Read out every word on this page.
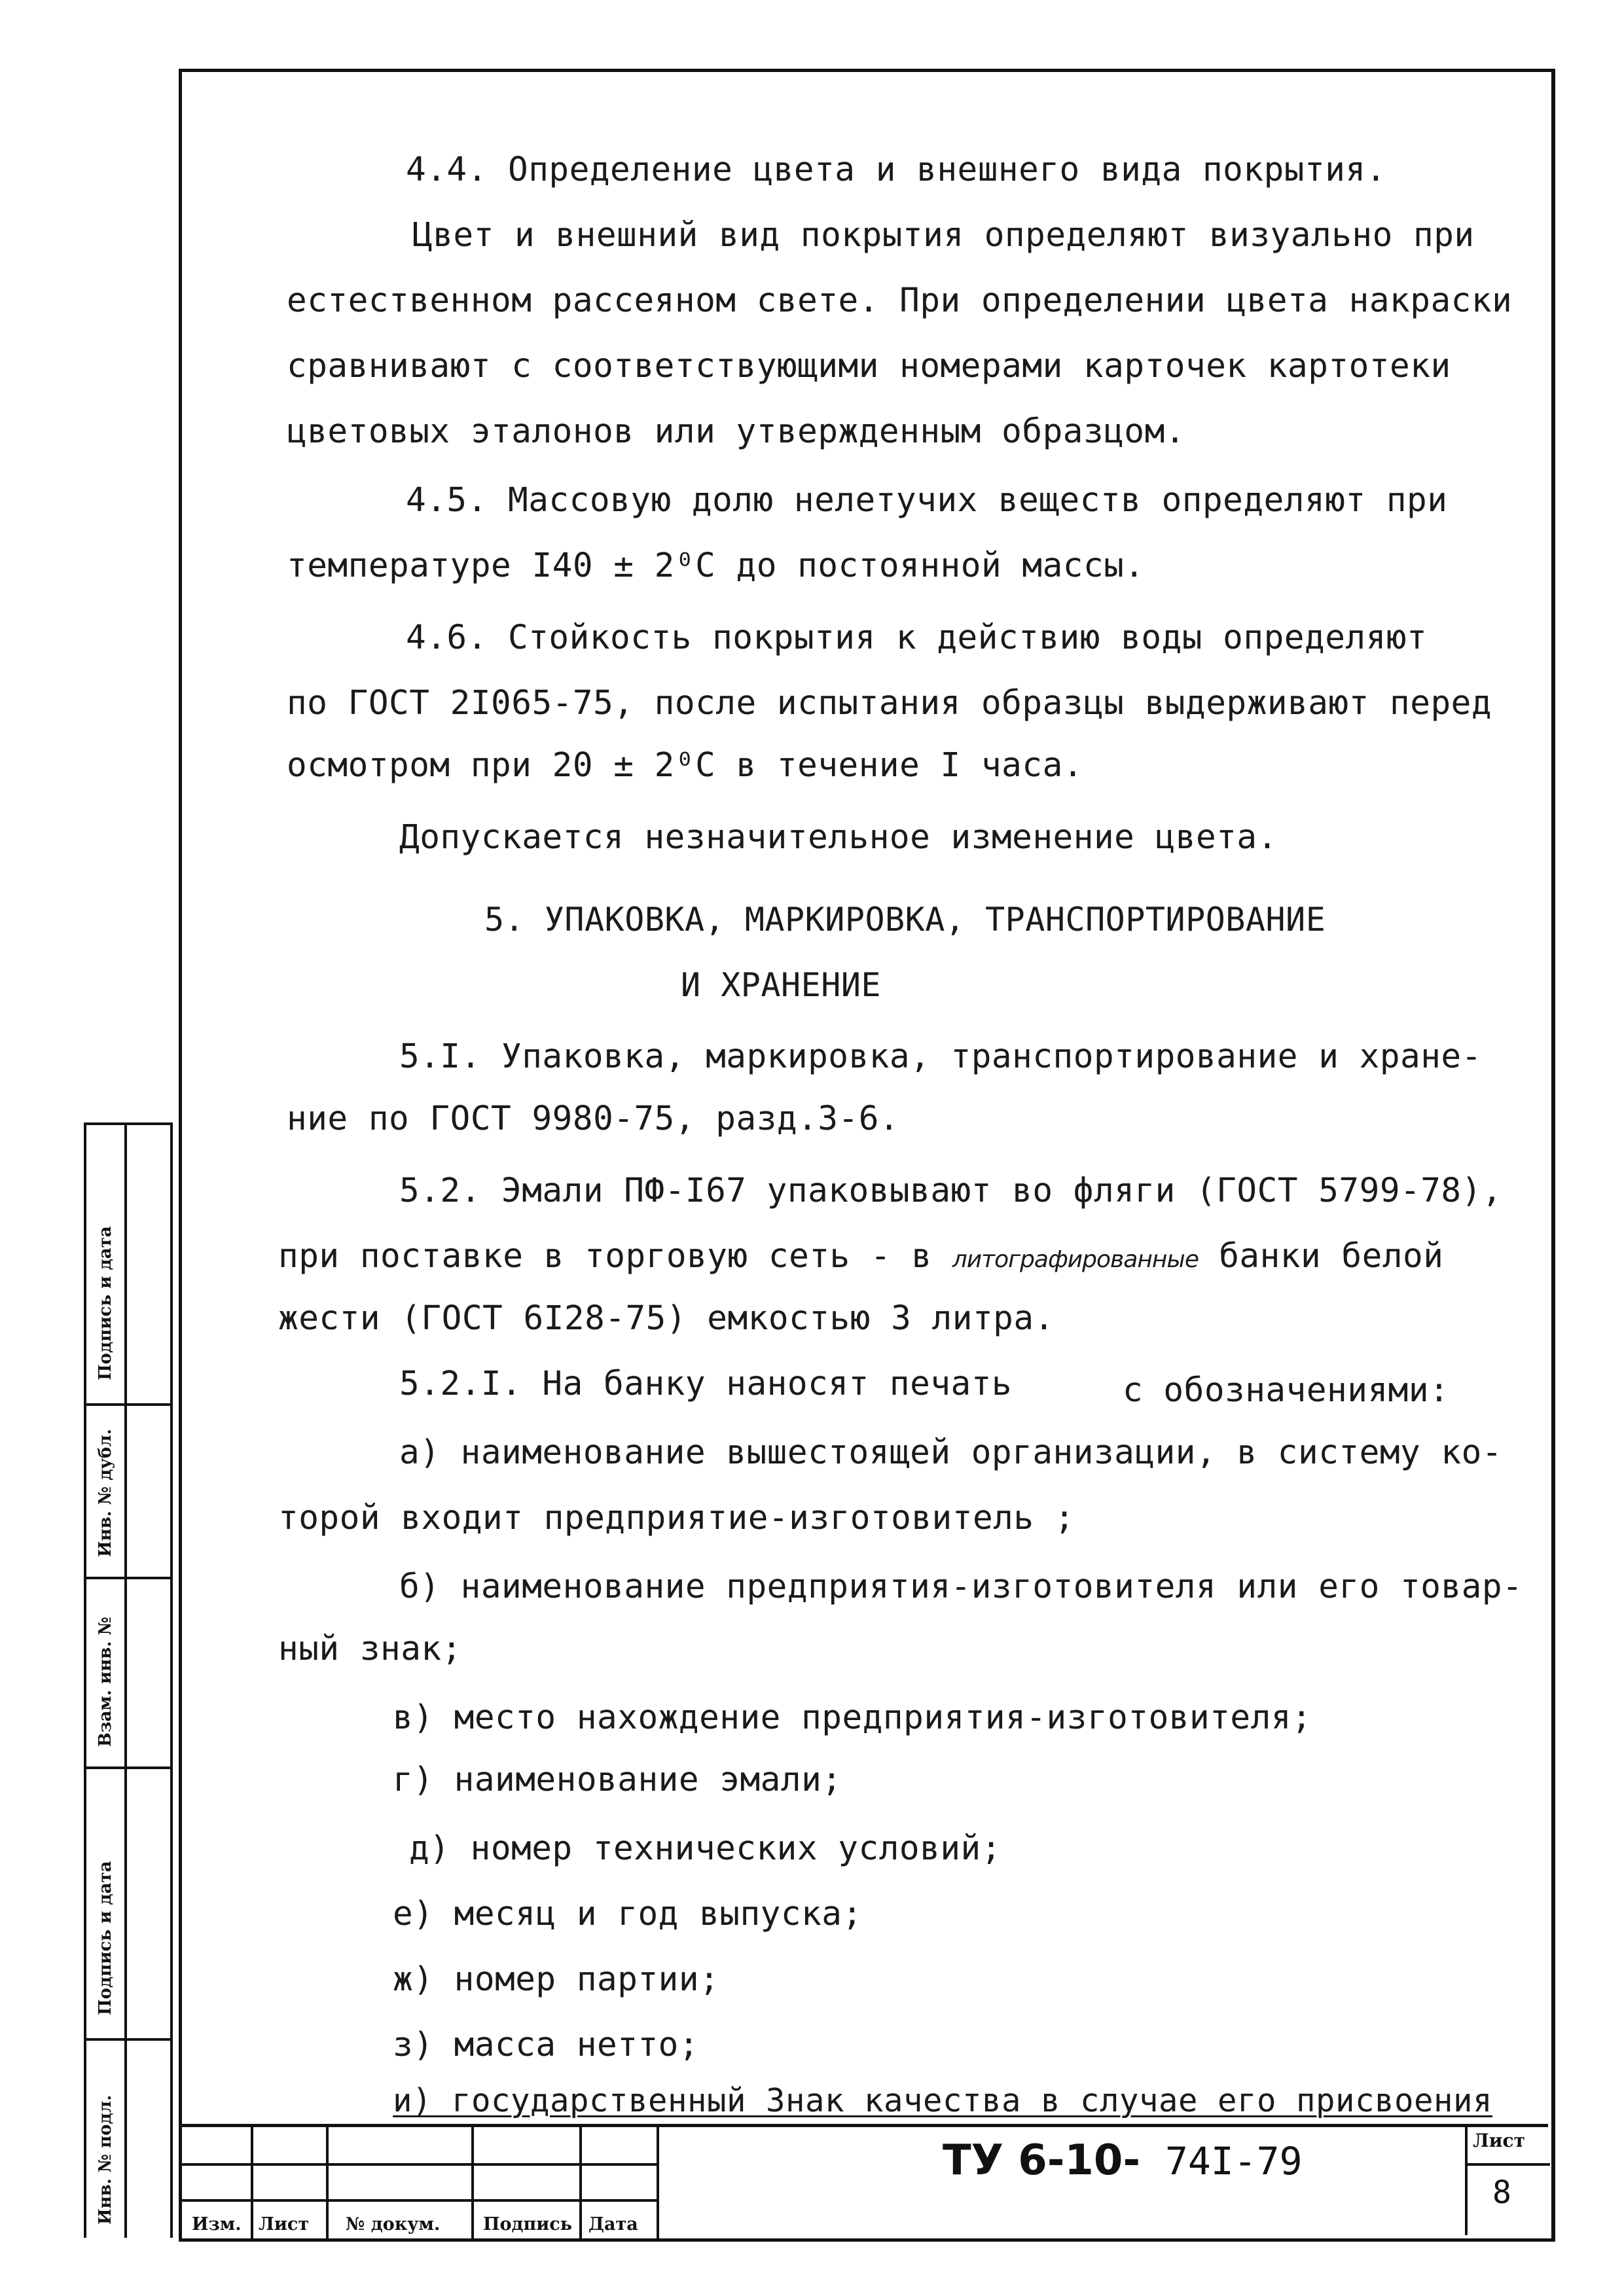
4.4. Определение цвета и внешнего вида покрытия.
Цвет и внешний вид покрытия определяют визуально при
естественном рассеяном свете. При определении цвета накраски
сравнивают с соответствующими номерами карточек картотеки
цветовых эталонов или утвержденным образцом.
4.5. Массовую долю нелетучих веществ определяют при
температуре I40 ± 2⁰С до постоянной массы.
4.6. Стойкость покрытия к действию воды определяют
по ГОСТ 2I065-75, после испытания образцы выдерживают перед
осмотром при 20 ± 2⁰С в течение I часа.
Допускается незначительное изменение цвета.
5. УПАКОВКА, МАРКИРОВКА, ТРАНСПОРТИРОВАНИЕ
И ХРАНЕНИЕ
5.I. Упаковка, маркировка, транспортирование и хране-
ние по ГОСТ 9980-75, разд.3-6.
5.2. Эмали ПФ-I67 упаковывают во фляги (ГОСТ 5799-78),
при поставке в торговую сеть - в литографированные банки белой
жести (ГОСТ 6I28-75) емкостью 3 литра.
5.2.I. На банку наносят печать	с обозначениями:
а) наименование вышестоящей организации, в систему ко-
торой входит предприятие-изготовитель ;
б) наименование предприятия-изготовителя или его товар-
ный знак;
в) место нахождение предприятия-изготовителя;
г) наименование эмали;
д) номер технических условий;
е) месяц и год выпуска;
ж) номер партии;
з) масса нетто;
и) государственный Знак качества в случае его присвоения
Подпись и дата
Инв. № дубл.
Взам. инв. №
Подпись и дата
Инв. № подл.	Изм. Лист № докум. Подпись Дата
ТУ 6-10- 74I-79	Лист
8
